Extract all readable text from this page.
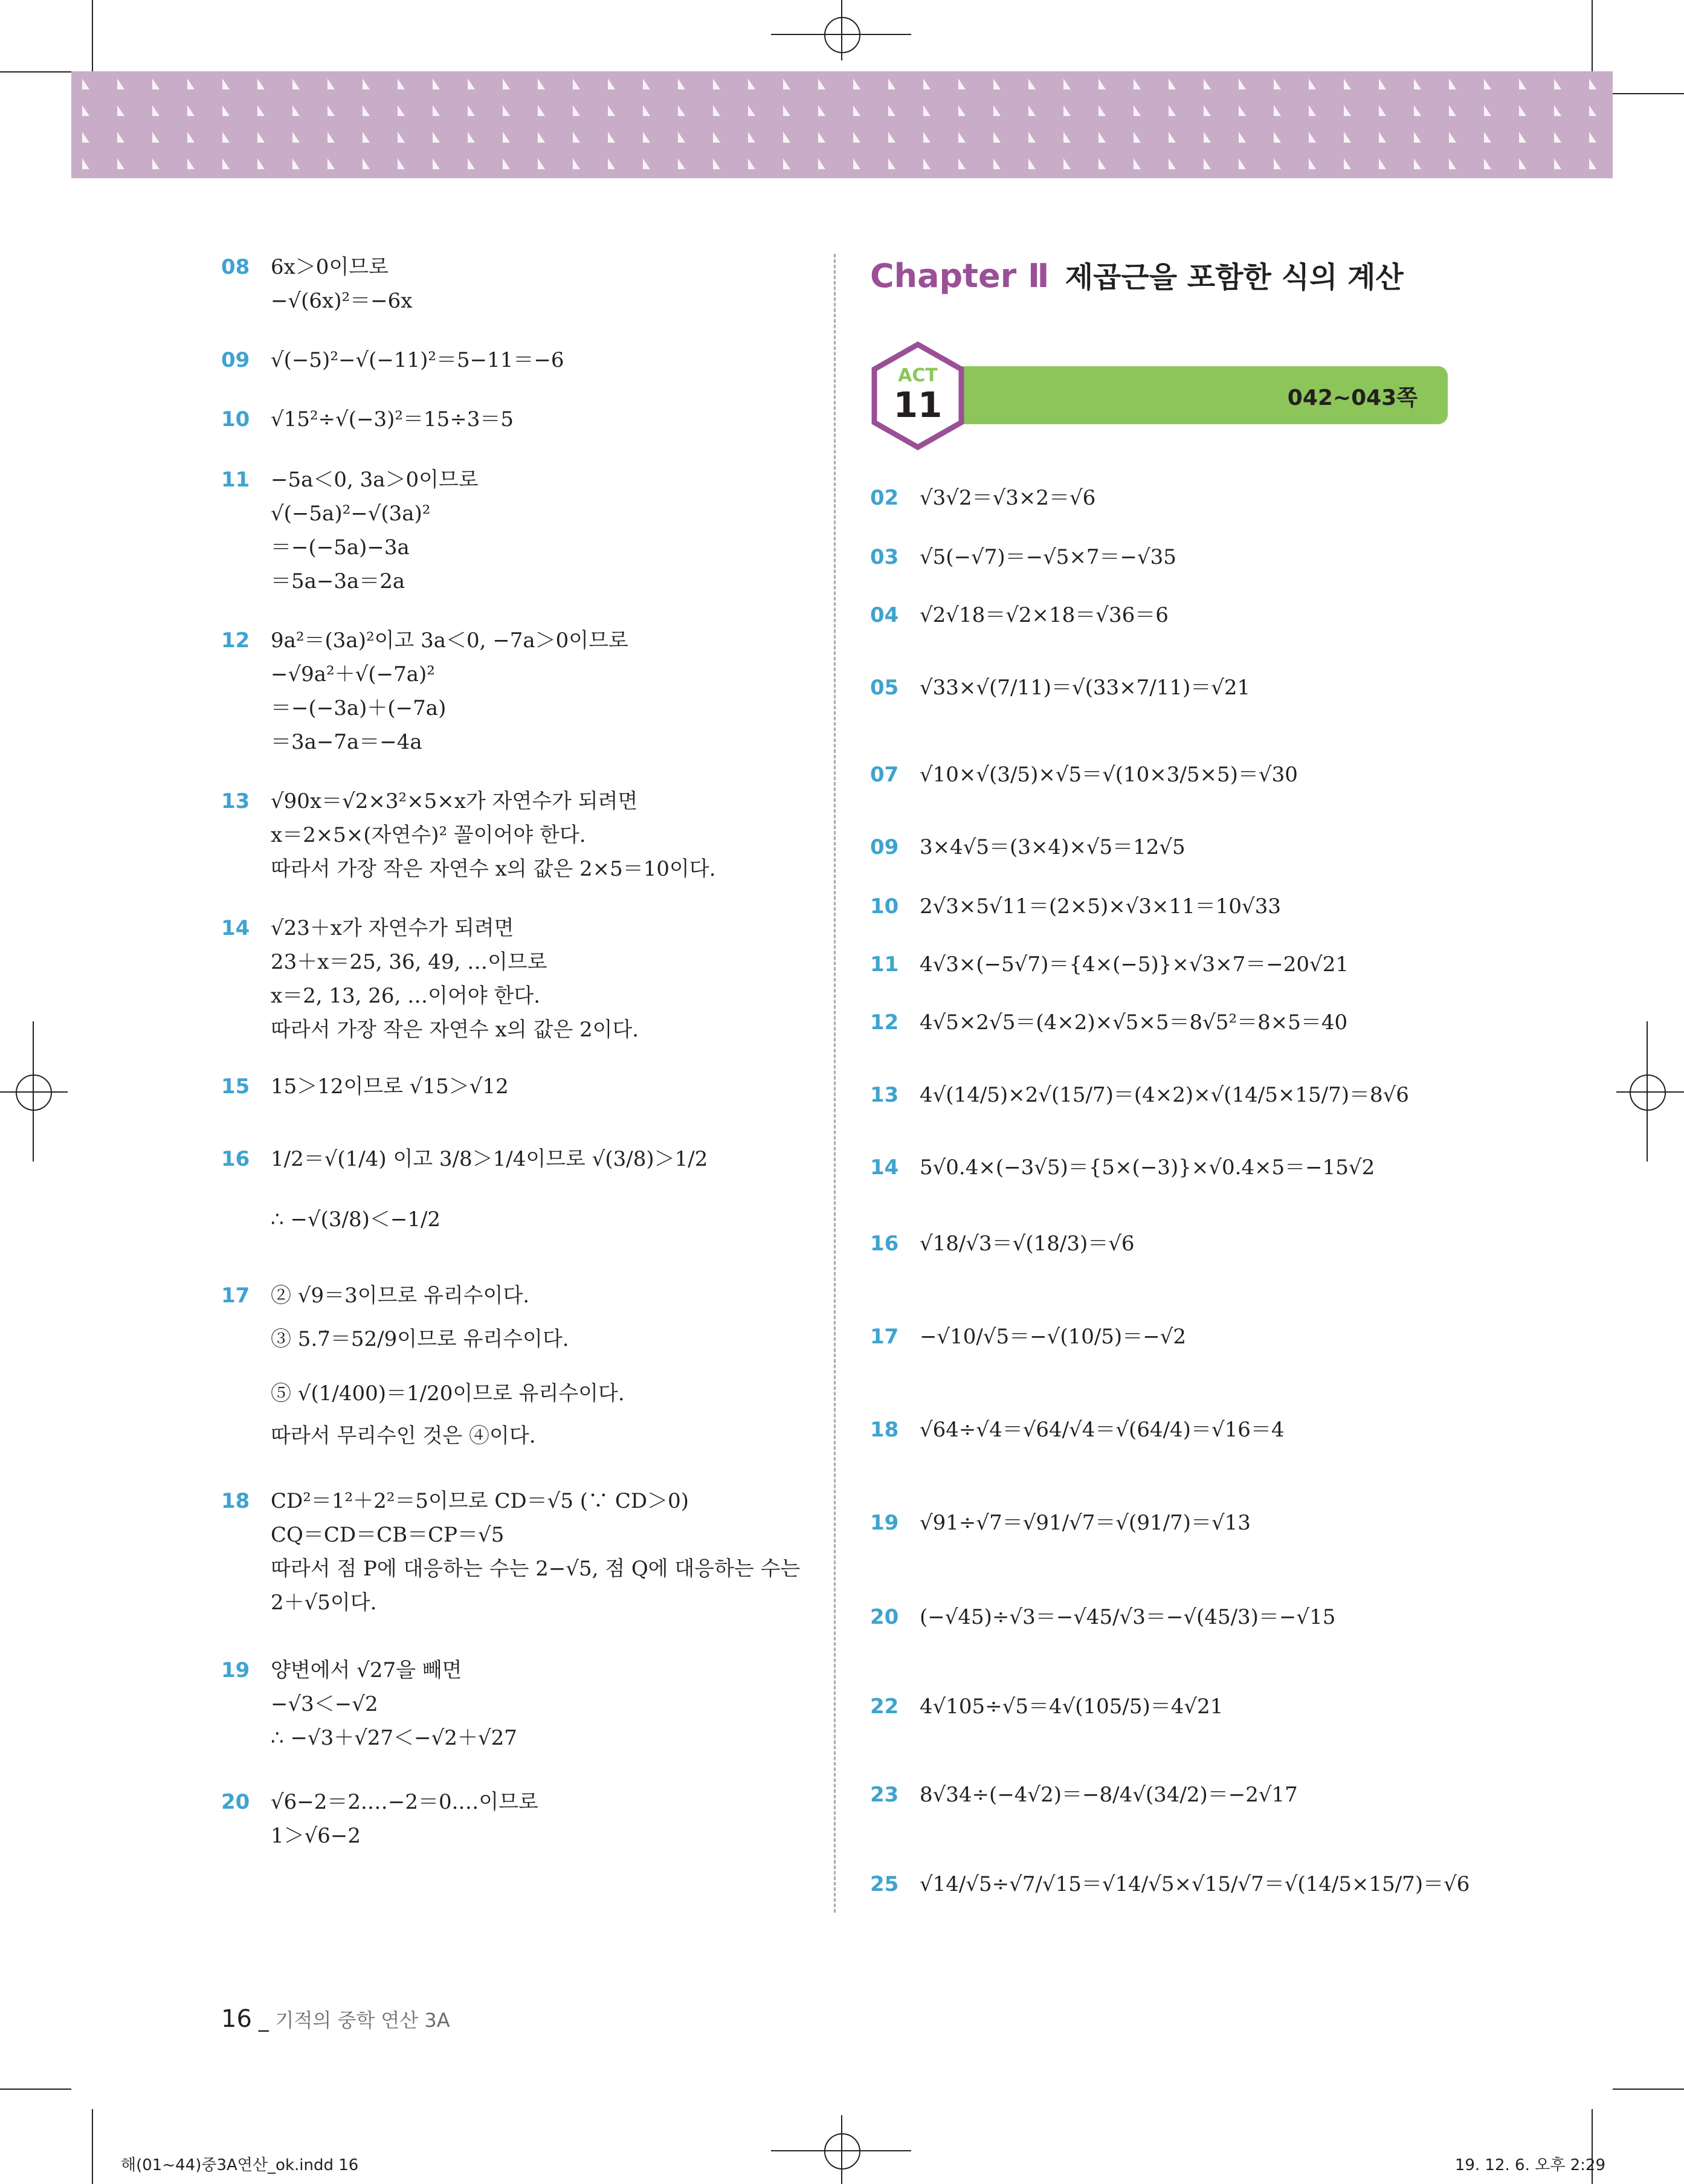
08 6x＞0이므로
−√(6x)²＝−6x
09 √(−5)²−√(−11)²＝5−11＝−6
10 √15²÷√(−3)²＝15÷3＝5
11 −5a＜0, 3a＞0이므로
√(−5a)²−√(3a)²
＝−(−5a)−3a
＝5a−3a＝2a
12 9a²＝(3a)²이고 3a＜0, −7a＞0이므로
−√9a²＋√(−7a)²
＝−(−3a)＋(−7a)
＝3a−7a＝−4a
13 √90x＝√2×3²×5×x가 자연수가 되려면
x＝2×5×(자연수)² 꼴이어야 한다.
따라서 가장 작은 자연수 x의 값은 2×5＝10이다.
14 √23＋x가 자연수가 되려면
23＋x＝25, 36, 49, …이므로
x＝2, 13, 26, …이어야 한다.
따라서 가장 작은 자연수 x의 값은 2이다.
15 15＞12이므로 √15＞√12
16 1/2＝√(1/4) 이고 3/8＞1/4이므로 √(3/8)＞1/2
∴ −√(3/8)＜−1/2
17 ② √9＝3이므로 유리수이다.
③ 5.7̇＝52/9이므로 유리수이다.
⑤ √(1/400)＝1/20이므로 유리수이다.
따라서 무리수인 것은 ④이다.
18 CD²＝1²＋2²＝5이므로 CD＝√5 (∵ CD＞0)
CQ＝CD＝CB＝CP＝√5
따라서 점 P에 대응하는 수는 2−√5, 점 Q에 대응하는 수는
2＋√5이다.
19 양변에서 √27을 빼면
−√3＜−√2
∴ −√3＋√27＜−√2＋√27
20 √6−2＝2.…−2＝0.…이므로
1＞√6−2
Chapter Ⅱ 제곱근을 포함한 식의 계산
042~043쪽
ACT
11
02 √3√2＝√3×2＝√6
03 √5(−√7)＝−√5×7＝−√35
04 √2√18＝√2×18＝√36＝6
05 √33×√(7/11)＝√(33×7/11)＝√21
07 √10×√(3/5)×√5＝√(10×3/5×5)＝√30
09 3×4√5＝(3×4)×√5＝12√5
10 2√3×5√11＝(2×5)×√3×11＝10√33
11 4√3×(−5√7)＝{4×(−5)}×√3×7＝−20√21
12 4√5×2√5＝(4×2)×√5×5＝8√5²＝8×5＝40
13 4√(14/5)×2√(15/7)＝(4×2)×√(14/5×15/7)＝8√6
14 5√0.4×(−3√5)＝{5×(−3)}×√0.4×5＝−15√2
16 √18/√3＝√(18/3)＝√6
17 −√10/√5＝−√(10/5)＝−√2
18 √64÷√4＝√64/√4＝√(64/4)＝√16＝4
19 √91÷√7＝√91/√7＝√(91/7)＝√13
20 (−√45)÷√3＝−√45/√3＝−√(45/3)＝−√15
22 4√105÷√5＝4√(105/5)＝4√21
23 8√34÷(−4√2)＝−8/4√(34/2)＝−2√17
25 √14/√5÷√7/√15＝√14/√5×√15/√7＝√(14/5×15/7)＝√6
16 _ 기적의 중학 연산 3A
해(01~44)중3A연산_ok.indd 16	19. 12. 6. 오후 2:29
